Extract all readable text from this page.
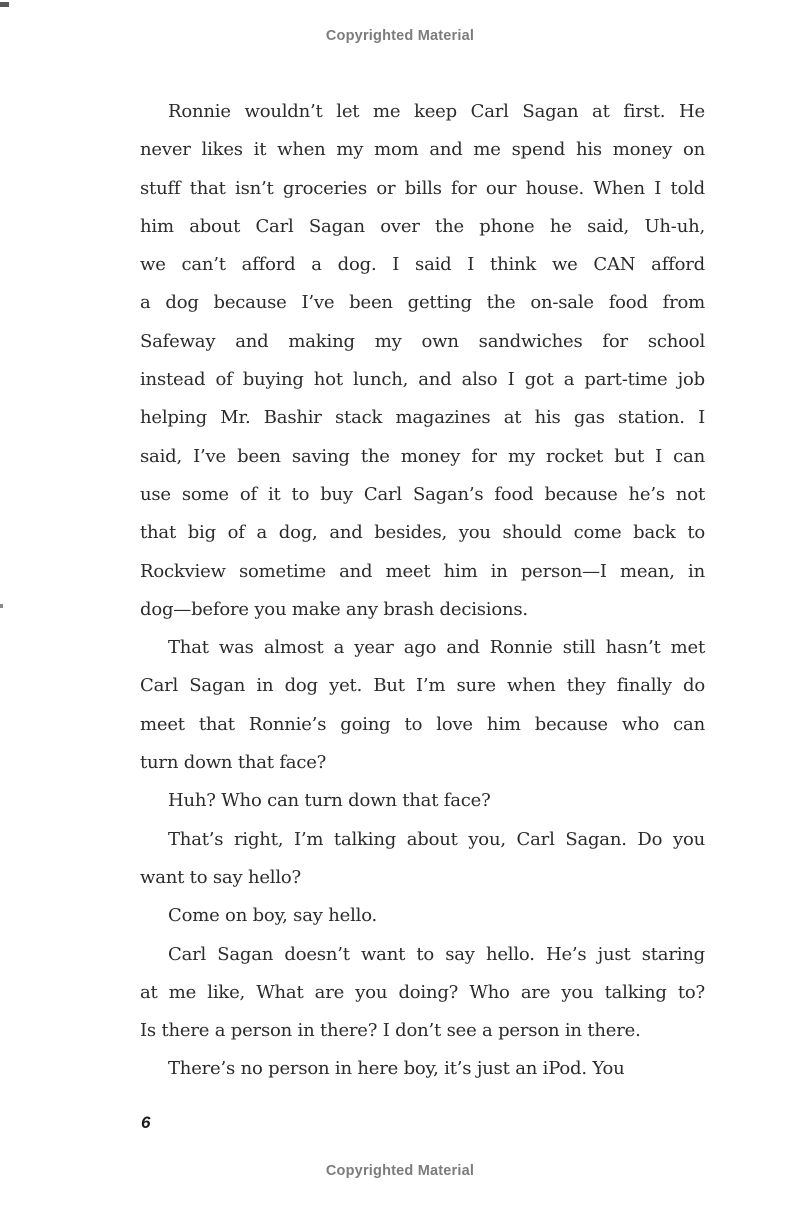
Copyrighted Material
Ronnie wouldn’t let me keep Carl Sagan at first. He
never likes it when my mom and me spend his money on
stuff that isn’t groceries or bills for our house. When I told
him about Carl Sagan over the phone he said, Uh-uh,
we can’t afford a dog. I said I think we CAN afford
a dog because I’ve been getting the on-sale food from
Safeway and making my own sandwiches for school
instead of buying hot lunch, and also I got a part-time job
helping Mr. Bashir stack magazines at his gas station. I
said, I’ve been saving the money for my rocket but I can
use some of it to buy Carl Sagan’s food because he’s not
that big of a dog, and besides, you should come back to
Rockview sometime and meet him in person—I mean, in
dog—before you make any brash decisions.
That was almost a year ago and Ronnie still hasn’t met
Carl Sagan in dog yet. But I’m sure when they finally do
meet that Ronnie’s going to love him because who can
turn down that face?
Huh? Who can turn down that face?
That’s right, I’m talking about you, Carl Sagan. Do you
want to say hello?
Come on boy, say hello.
Carl Sagan doesn’t want to say hello. He’s just staring
at me like, What are you doing? Who are you talking to?
Is there a person in there? I don’t see a person in there.
There’s no person in here boy, it’s just an iPod. You
6
Copyrighted Material
